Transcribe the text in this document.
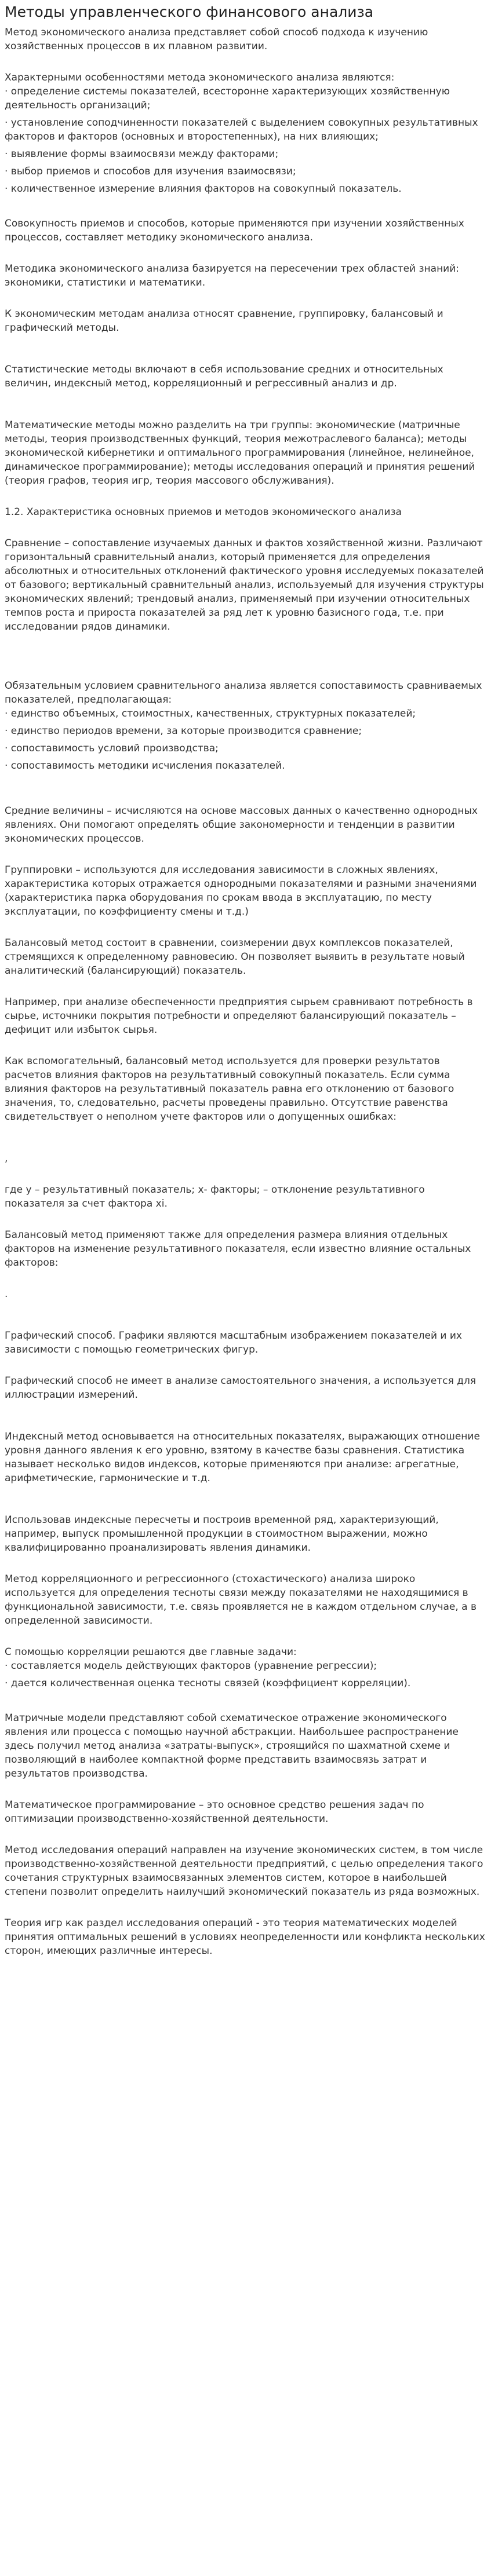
Методы управленческого финансового анализа

Метод экономического анализа представляет собой способ подхода к изучению хозяйственных процессов в их плавном развитии.

Характерными особенностями метода экономического анализа являются:

· определение системы показателей, всесторонне характеризующих хозяйственную деятельность организаций;

· установление соподчиненности показателей с выделением совокупных результативных факторов и факторов (основных и второстепенных), на них влияющих;

· выявление формы взаимосвязи между факторами;

· выбор приемов и способов для изучения взаимосвязи;

· количественное измерение влияния факторов на совокупный показатель.

Совокупность приемов и способов, которые применяются при изучении хозяйственных процессов, составляет методику экономического анализа.

Методика экономического анализа базируется на пересечении трех областей знаний: экономики, статистики и математики.

К экономическим методам анализа относят сравнение, группировку, балансовый и графический методы.

Статистические методы включают в себя использование средних и относительных величин, индексный метод, корреляционный и регрессивный анализ и др.

Математические методы можно разделить на три группы: экономические (матричные методы, теория производственных функций, теория межотраслевого баланса); методы экономической кибернетики и оптимального программирования (линейное, нелинейное, динамическое программирование); методы исследования операций и принятия решений (теория графов, теория игр, теория массового обслуживания).

1.2. Характеристика основных приемов и методов экономического анализа

Сравнение – сопоставление изучаемых данных и фактов хозяйственной жизни. Различают горизонтальный сравнительный анализ, который применяется для определения абсолютных и относительных отклонений фактического уровня исследуемых показателей от базового; вертикальный сравнительный анализ, используемый для изучения структуры экономических явлений; трендовый анализ, применяемый при изучении относительных темпов роста и прироста показателей за ряд лет к уровню базисного года, т.е. при исследовании рядов динамики.

Обязательным условием сравнительного анализа является сопоставимость сравниваемых показателей, предполагающая:

· единство объемных, стоимостных, качественных, структурных показателей;

· единство периодов времени, за которые производится сравнение;

· сопоставимость условий производства;

· сопоставимость методики исчисления показателей.

Средние величины – исчисляются на основе массовых данных о качественно однородных явлениях. Они помогают определять общие закономерности и тенденции в развитии экономических процессов.

Группировки – используются для исследования зависимости в сложных явлениях, характеристика которых отражается однородными показателями и разными значениями (характеристика парка оборудования по срокам ввода в эксплуатацию, по месту эксплуатации, по коэффициенту смены и т.д.)

Балансовый метод состоит в сравнении, соизмерении двух комплексов показателей, стремящихся к определенному равновесию. Он позволяет выявить в результате новый аналитический (балансирующий) показатель.

Например, при анализе обеспеченности предприятия сырьем сравнивают потребность в сырье, источники покрытия потребности и определяют балансирующий показатель – дефицит или избыток сырья.

Как вспомогательный, балансовый метод используется для проверки результатов расчетов влияния факторов на результативный совокупный показатель. Если сумма влияния факторов на результативный показатель равна его отклонению от базового значения, то, следовательно, расчеты проведены правильно. Отсутствие равенства свидетельствует о неполном учете факторов или о допущенных ошибках:

,

где y – результативный показатель; x- факторы; – отклонение результативного показателя за счет фактора xi.

Балансовый метод применяют также для определения размера влияния отдельных факторов на изменение результативного показателя, если известно влияние остальных факторов:

.

Графический способ. Графики являются масштабным изображением показателей и их зависимости с помощью геометрических фигур.

Графический способ не имеет в анализе самостоятельного значения, а используется для иллюстрации измерений.

Индексный метод основывается на относительных показателях, выражающих отношение уровня данного явления к его уровню, взятому в качестве базы сравнения. Статистика называет несколько видов индексов, которые применяются при анализе: агрегатные, арифметические, гармонические и т.д.

Использовав индексные пересчеты и построив временной ряд, характеризующий, например, выпуск промышленной продукции в стоимостном выражении, можно квалифицированно проанализировать явления динамики.

Метод корреляционного и регрессионного (стохастического) анализа широко используется для определения тесноты связи между показателями не находящимися в функциональной зависимости, т.е. связь проявляется не в каждом отдельном случае, а в определенной зависимости.

С помощью корреляции решаются две главные задачи:

· составляется модель действующих факторов (уравнение регрессии);

· дается количественная оценка тесноты связей (коэффициент корреляции).

Матричные модели представляют собой схематическое отражение экономического явления или процесса с помощью научной абстракции. Наибольшее распространение здесь получил метод анализа «затраты-выпуск», строящийся по шахматной схеме и позволяющий в наиболее компактной форме представить взаимосвязь затрат и результатов производства.

Математическое программирование – это основное средство решения задач по оптимизации производственно-хозяйственной деятельности.

Метод исследования операций направлен на изучение экономических систем, в том числе производственно-хозяйственной деятельности предприятий, с целью определения такого сочетания структурных взаимосвязанных элементов систем, которое в наибольшей степени позволит определить наилучший экономический показатель из ряда возможных.

Теория игр как раздел исследования операций - это теория математических моделей принятия оптимальных решений в условиях неопределенности или конфликта нескольких сторон, имеющих различные интересы.
